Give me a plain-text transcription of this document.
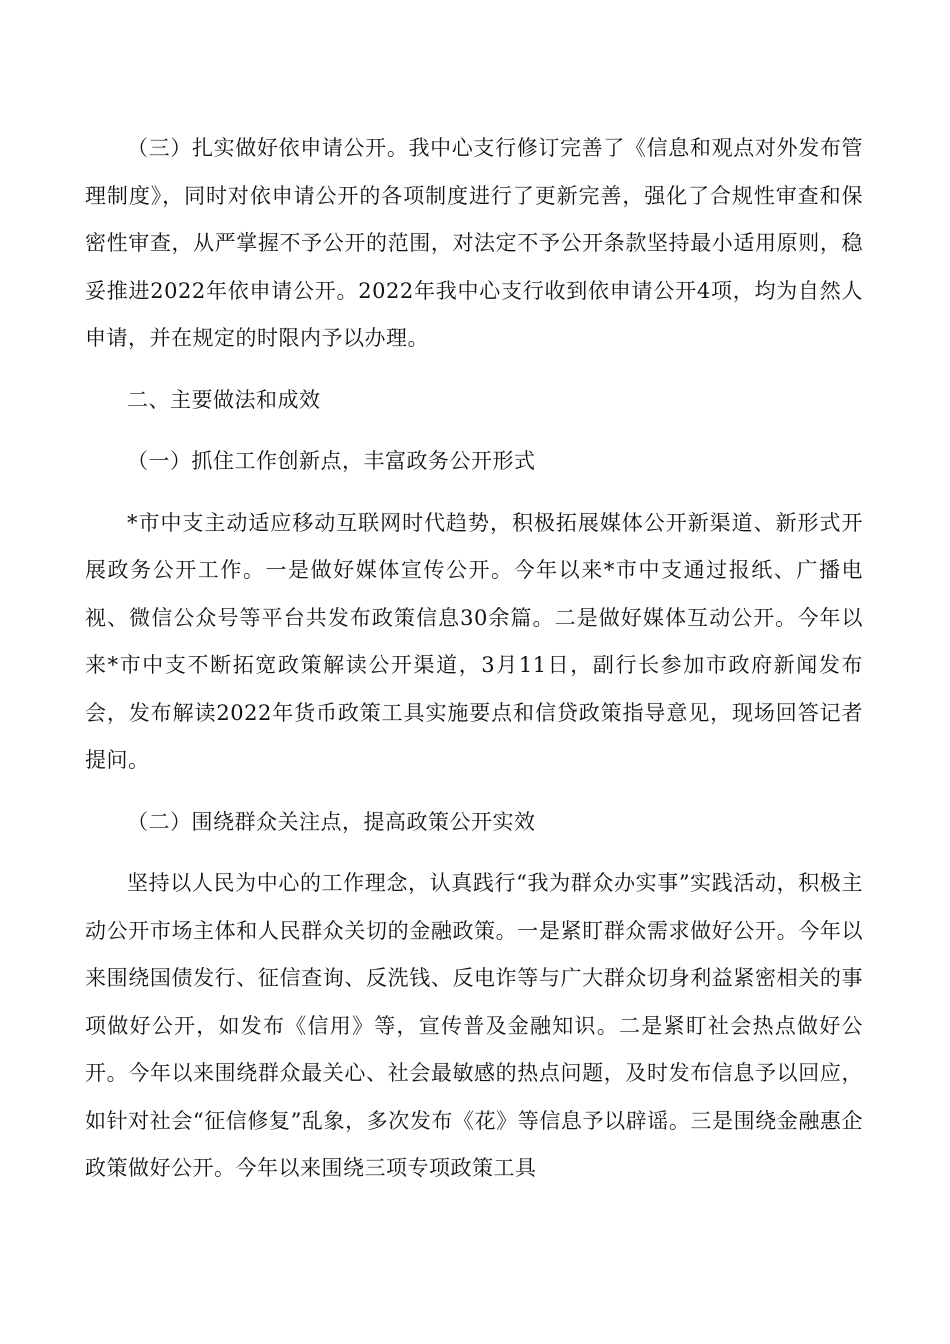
（三）扎实做好依申请公开。我中心支行修订完善了《信息和观点对外发布管理制度》，同时对依申请公开的各项制度进行了更新完善，强化了合规性审查和保密性审查，从严掌握不予公开的范围，对法定不予公开条款坚持最小适用原则，稳妥推进2022年依申请公开。2022年我中心支行收到依申请公开4项，均为自然人申请，并在规定的时限内予以办理。

二、主要做法和成效

（一）抓住工作创新点，丰富政务公开形式

*市中支主动适应移动互联网时代趋势，积极拓展媒体公开新渠道、新形式开展政务公开工作。一是做好媒体宣传公开。今年以来*市中支通过报纸、广播电视、微信公众号等平台共发布政策信息30余篇。二是做好媒体互动公开。今年以来*市中支不断拓宽政策解读公开渠道，3月11日，副行长参加市政府新闻发布会，发布解读2022年货币政策工具实施要点和信贷政策指导意见，现场回答记者提问。

（二）围绕群众关注点，提高政策公开实效

坚持以人民为中心的工作理念，认真践行“我为群众办实事”实践活动，积极主动公开市场主体和人民群众关切的金融政策。一是紧盯群众需求做好公开。今年以来围绕国债发行、征信查询、反洗钱、反电诈等与广大群众切身利益紧密相关的事项做好公开，如发布《信用》等，宣传普及金融知识。二是紧盯社会热点做好公开。今年以来围绕群众最关心、社会最敏感的热点问题，及时发布信息予以回应，如针对社会“征信修复”乱象，多次发布《花》等信息予以辟谣。三是围绕金融惠企政策做好公开。今年以来围绕三项专项政策工具
